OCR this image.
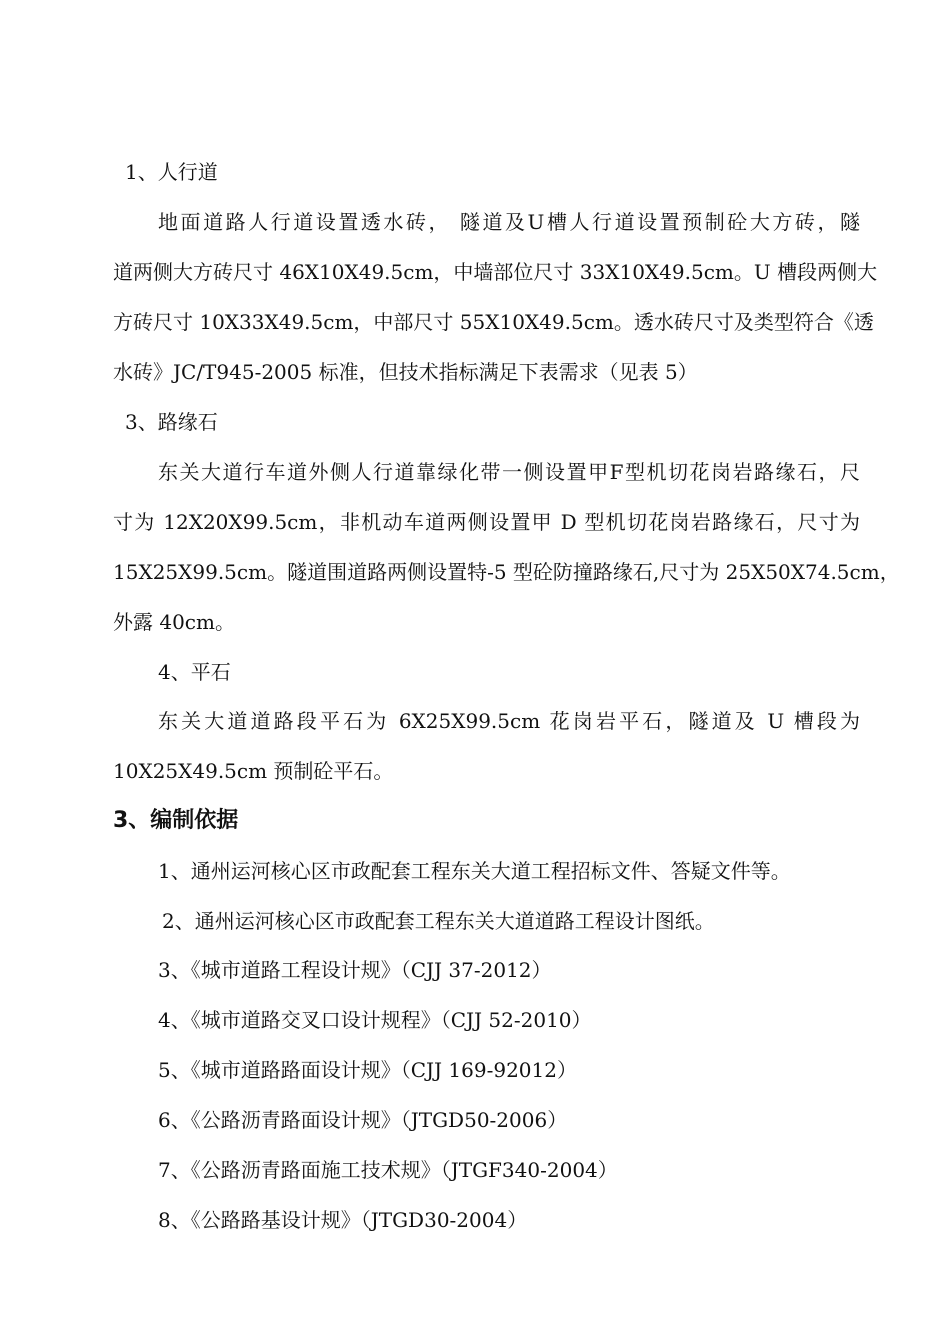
1、人行道
地面道路人行道设置透水砖， 隧道及U槽人行道设置预制砼大方砖，隧
道两侧大方砖尺寸 46X10X49.5cm，中墙部位尺寸 33X10X49.5cm。U 槽段两侧大
方砖尺寸 10X33X49.5cm，中部尺寸 55X10X49.5cm。透水砖尺寸及类型符合《透
水砖》JC/T945-2005 标准，但技术指标满足下表需求（见表 5）
3、路缘石
东关大道行车道外侧人行道靠绿化带一侧设置甲F型机切花岗岩路缘石，尺
寸为 12X20X99.5cm，非机动车道两侧设置甲 D 型机切花岗岩路缘石，尺寸为
15X25X99.5cm。隧道围道路两侧设置特-5 型砼防撞路缘石,尺寸为 25X50X74.5cm，
外露 40cm。
4、平石
东关大道道路段平石为 6X25X99.5cm 花岗岩平石，隧道及 U 槽段为
10X25X49.5cm 预制砼平石。
3、编制依据
1、通州运河核心区市政配套工程东关大道工程招标文件、答疑文件等。
2、通州运河核心区市政配套工程东关大道道路工程设计图纸。
3、《城市道路工程设计规》（CJJ 37-2012）
4、《城市道路交叉口设计规程》（CJJ 52-2010）
5、《城市道路路面设计规》（CJJ 169-92012）
6、《公路沥青路面设计规》（JTGD50-2006）
7、《公路沥青路面施工技术规》（JTGF340-2004）
8、《公路路基设计规》（JTGD30-2004）
